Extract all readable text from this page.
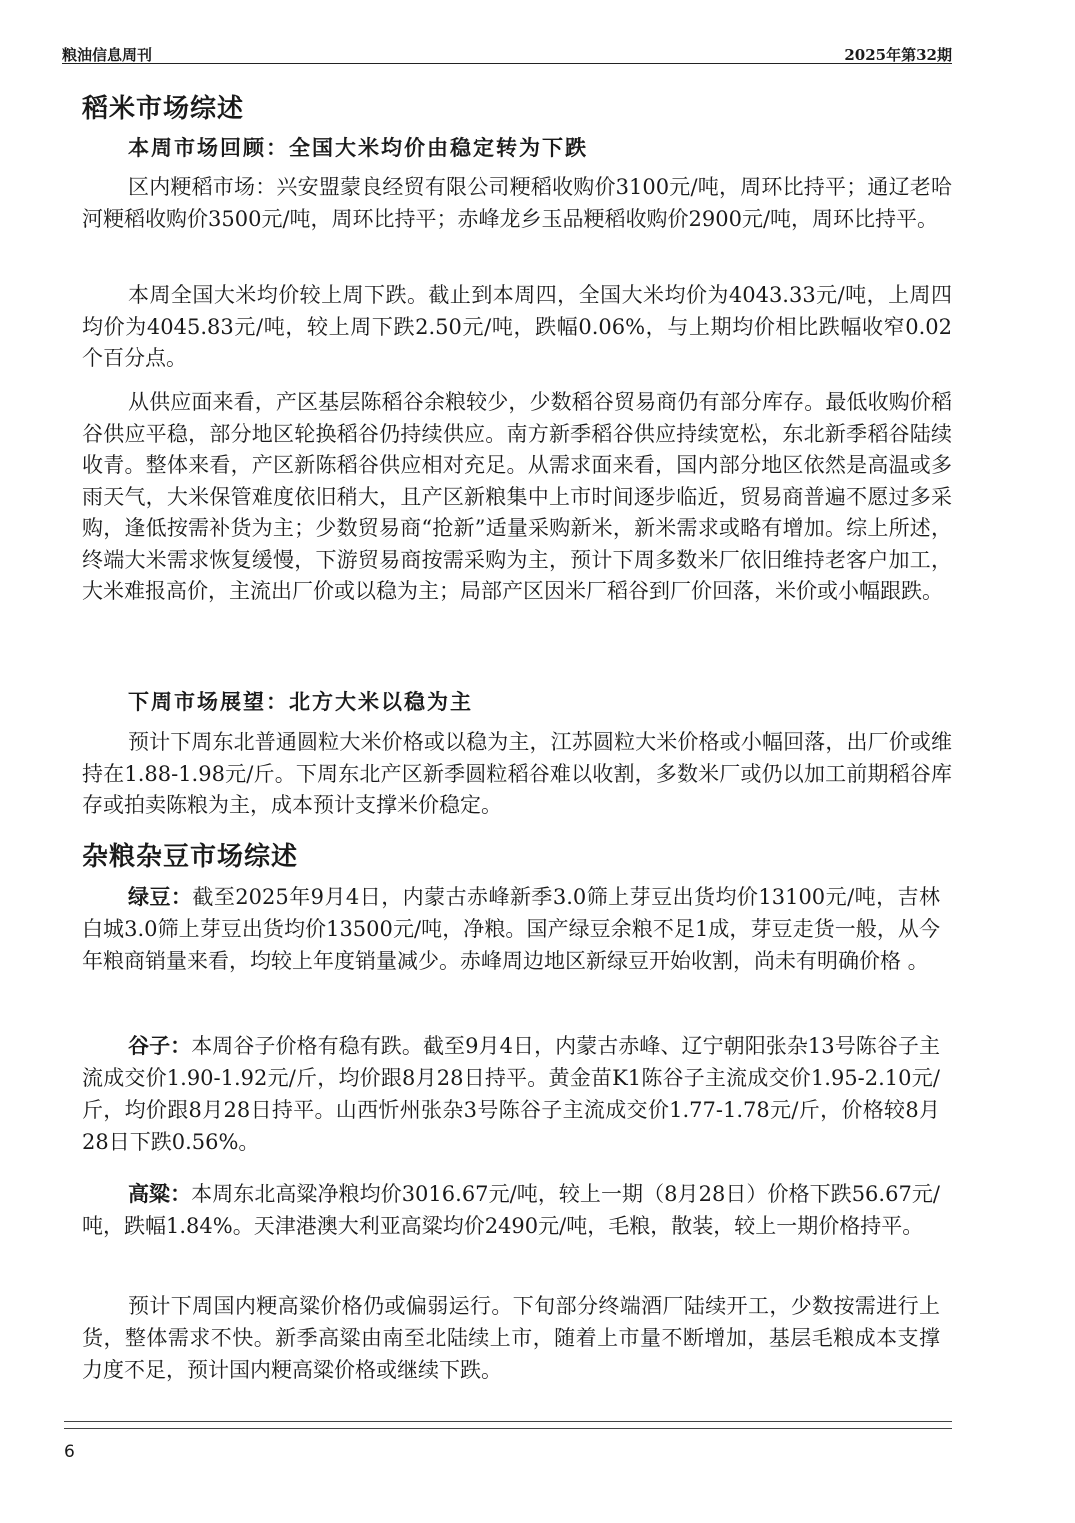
粮油信息周刊	2025年第32期
稻米市场综述
本周市场回顾：全国大米均价由稳定转为下跌

区内粳稻市场：兴安盟蒙良经贸有限公司粳稻收购价3100元/吨，周环比持平；通辽老哈河粳稻收购价3500元/吨，周环比持平；赤峰龙乡玉品粳稻收购价2900元/吨，周环比持平。

本周全国大米均价较上周下跌。截止到本周四，全国大米均价为4043.33元/吨，上周四均价为4045.83元/吨，较上周下跌2.50元/吨，跌幅0.06%，与上期均价相比跌幅收窄0.02个百分点。

从供应面来看，产区基层陈稻谷余粮较少，少数稻谷贸易商仍有部分库存。最低收购价稻谷供应平稳，部分地区轮换稻谷仍持续供应。南方新季稻谷供应持续宽松，东北新季稻谷陆续收青。整体来看，产区新陈稻谷供应相对充足。从需求面来看，国内部分地区依然是高温或多雨天气，大米保管难度依旧稍大，且产区新粮集中上市时间逐步临近，贸易商普遍不愿过多采购，逢低按需补货为主；少数贸易商“抢新”适量采购新米，新米需求或略有增加。综上所述，终端大米需求恢复缓慢，下游贸易商按需采购为主，预计下周多数米厂依旧维持老客户加工，大米难报高价，主流出厂价或以稳为主；局部产区因米厂稻谷到厂价回落，米价或小幅跟跌。

下周市场展望：北方大米以稳为主

预计下周东北普通圆粒大米价格或以稳为主，江苏圆粒大米价格或小幅回落，出厂价或维持在1.88-1.98元/斤。下周东北产区新季圆粒稻谷难以收割，多数米厂或仍以加工前期稻谷库存或拍卖陈粮为主，成本预计支撑米价稳定。

杂粮杂豆市场综述

绿豆：截至2025年9月4日，内蒙古赤峰新季3.0筛上芽豆出货均价13100元/吨，吉林白城3.0筛上芽豆出货均价13500元/吨，净粮。国产绿豆余粮不足1成，芽豆走货一般，从今年粮商销量来看，均较上年度销量减少。赤峰周边地区新绿豆开始收割，尚未有明确价格 。

谷子：本周谷子价格有稳有跌。截至9月4日，内蒙古赤峰、辽宁朝阳张杂13号陈谷子主流成交价1.90-1.92元/斤，均价跟8月28日持平。黄金苗K1陈谷子主流成交价1.95-2.10元/斤，均价跟8月28日持平。山西忻州张杂3号陈谷子主流成交价1.77-1.78元/斤，价格较8月28日下跌0.56%。

高粱：本周东北高粱净粮均价3016.67元/吨，较上一期（8月28日）价格下跌56.67元/吨，跌幅1.84%。天津港澳大利亚高粱均价2490元/吨，毛粮，散装，较上一期价格持平。

预计下周国内粳高粱价格仍或偏弱运行。下旬部分终端酒厂陆续开工，少数按需进行上货，整体需求不快。新季高粱由南至北陆续上市，随着上市量不断增加，基层毛粮成本支撑力度不足，预计国内粳高粱价格或继续下跌。

6
